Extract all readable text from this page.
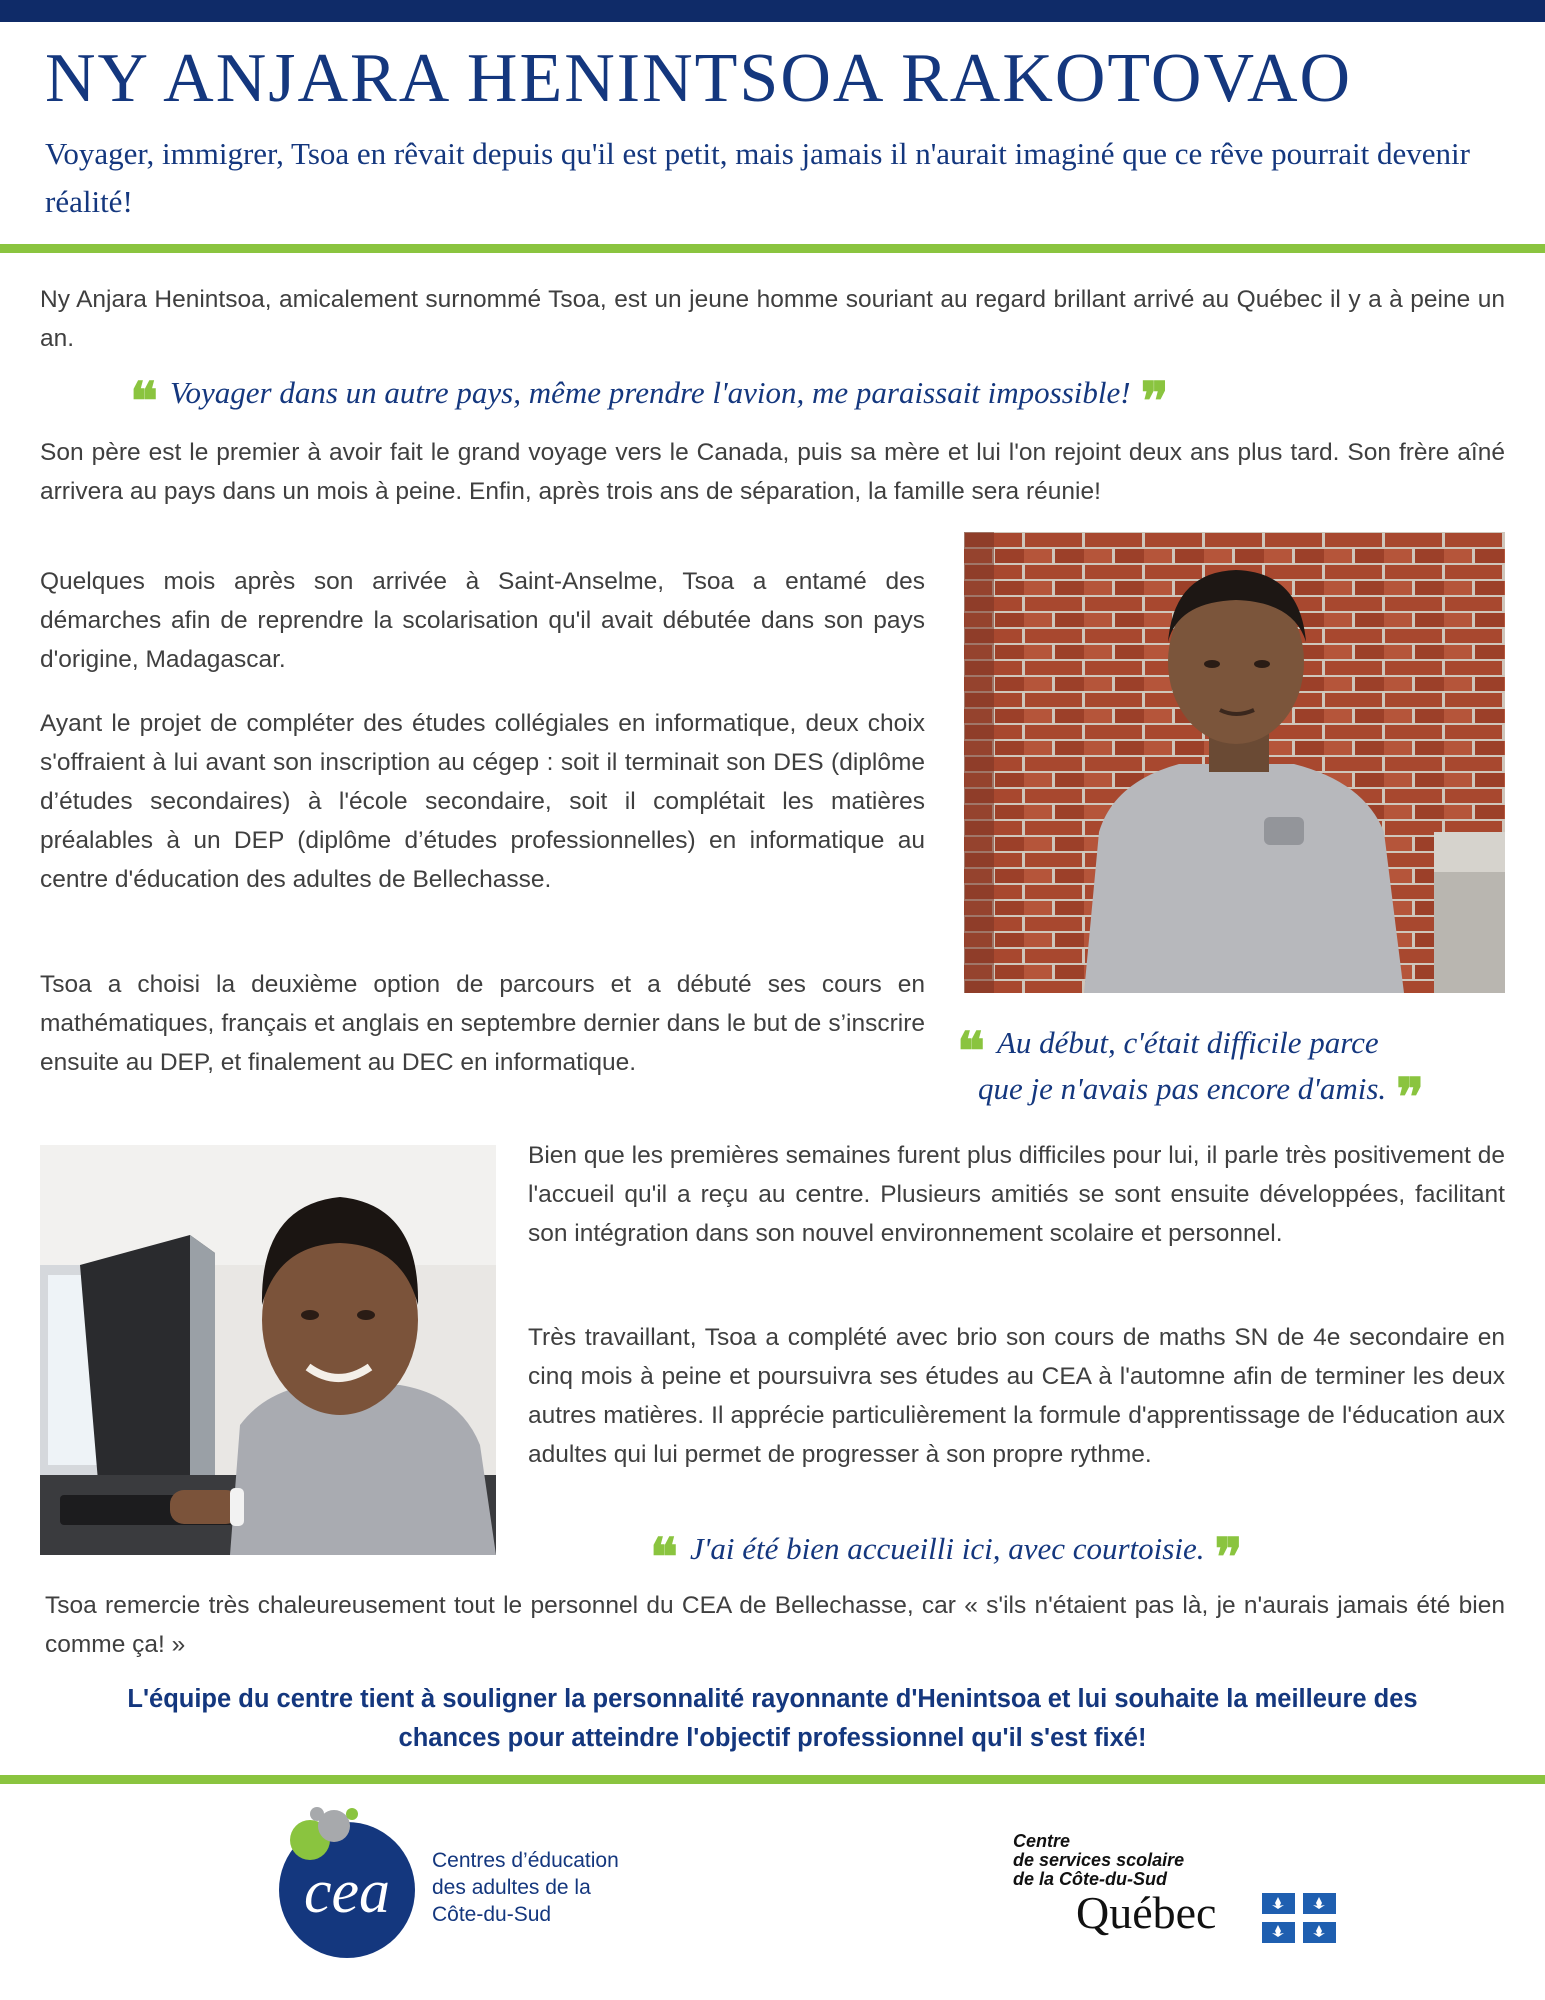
NY ANJARA HENINTSOA RAKOTOVAO

Voyager, immigrer, Tsoa en rêvait depuis qu'il est petit, mais jamais il n'aurait imaginé que ce rêve pourrait devenir réalité!

Ny Anjara Henintsoa, amicalement surnommé Tsoa, est un jeune homme souriant au regard brillant arrivé au Québec il y a à peine un an.

❝ Voyager dans un autre pays, même prendre l'avion, me paraissait impossible! ❞

Son père est le premier à avoir fait le grand voyage vers le Canada, puis sa mère et lui l'on rejoint deux ans plus tard. Son frère aîné arrivera au pays dans un mois à peine. Enfin, après trois ans de séparation, la famille sera réunie!

Quelques mois après son arrivée à Saint-Anselme, Tsoa a entamé des démarches afin de reprendre la scolarisation qu'il avait débutée dans son pays d'origine, Madagascar.

Ayant le projet de compléter des études collégiales en informatique, deux choix s'offraient à lui avant son inscription au cégep : soit il terminait son DES (diplôme d’études secondaires) à l'école secondaire, soit il complétait les matières préalables à un DEP (diplôme d’études professionnelles) en informatique au centre d'éducation des adultes de Bellechasse.

Tsoa a choisi la deuxième option de parcours et a débuté ses cours en mathématiques, français et anglais en septembre dernier dans le but de s’inscrire ensuite au DEP, et finalement au DEC en informatique.	❝ Au début, c'était difficile parce

que je n'avais pas encore d'amis. ❞

Bien que les premières semaines furent plus difficiles pour lui, il parle très positivement de l'accueil qu'il a reçu au centre. Plusieurs amitiés se sont ensuite développées, facilitant son intégration dans son nouvel environnement scolaire et personnel.

Très travaillant, Tsoa a complété avec brio son cours de maths SN de 4e secondaire en cinq mois à peine et poursuivra ses études au CEA à l'automne afin de terminer les deux autres matières. Il apprécie particulièrement la formule d'apprentissage de l'éducation aux adultes qui lui permet de progresser à son propre rythme.

❝ J'ai été bien accueilli ici, avec courtoisie. ❞

Tsoa remercie très chaleureusement tout le personnel du CEA de Bellechasse, car « s'ils n'étaient pas là, je n'aurais jamais été bien comme ça! »

L'équipe du centre tient à souligner la personnalité rayonnante d'Henintsoa et lui souhaite la meilleure des chances pour atteindre l'objectif professionnel qu'il s'est fixé!

cea Centres d’éducation
des adultes de la
Côte-du-Sud
Centre
de services scolaire
de la Côte-du-Sud
Québec
